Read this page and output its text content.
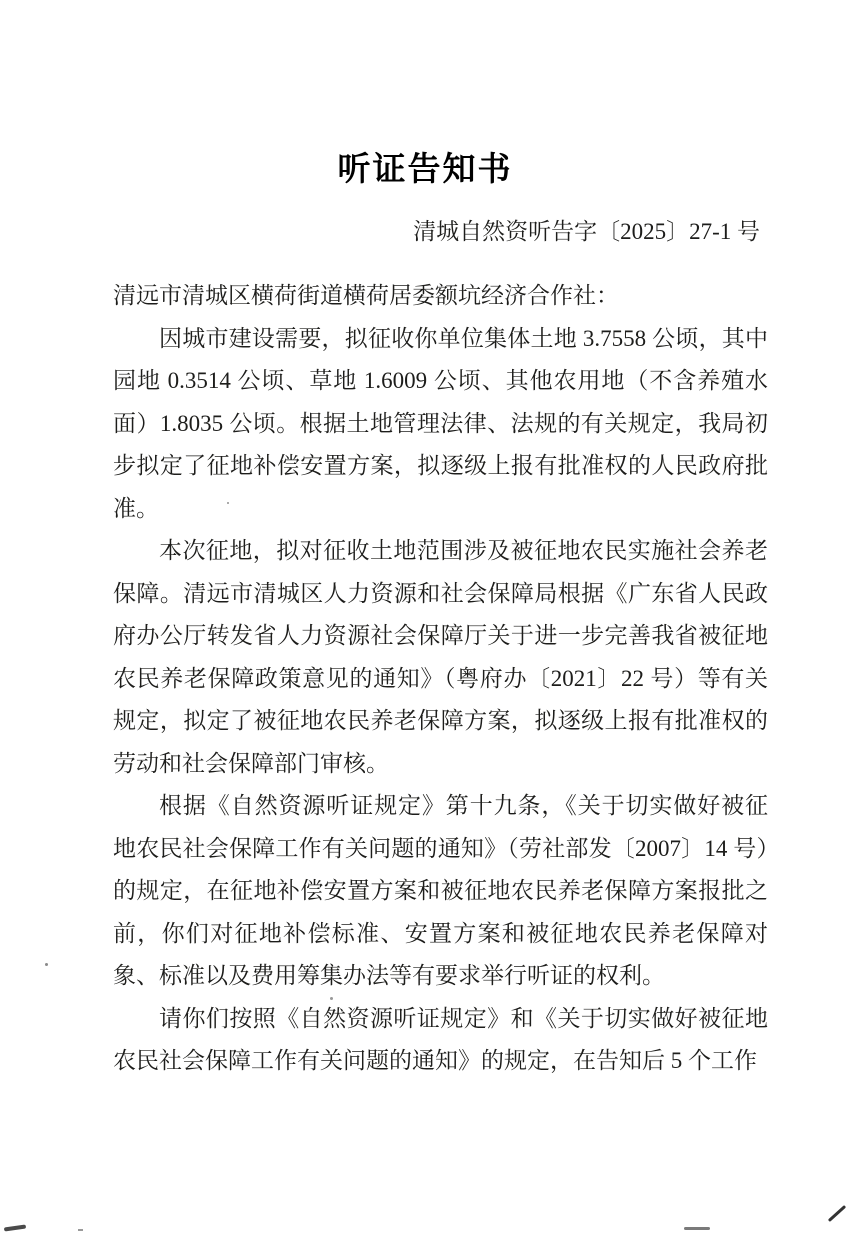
听证告知书
清城自然资听告字〔2025〕27-1 号

清远市清城区横荷街道横荷居委额坑经济合作社：

因城市建设需要，拟征收你单位集体土地 3.7558 公顷，其中园地 0.3514 公顷、草地 1.6009 公顷、其他农用地（不含养殖水面）1.8035 公顷。根据土地管理法律、法规的有关规定，我局初步拟定了征地补偿安置方案，拟逐级上报有批准权的人民政府批准。

本次征地，拟对征收土地范围涉及被征地农民实施社会养老保障。清远市清城区人力资源和社会保障局根据《广东省人民政府办公厅转发省人力资源社会保障厅关于进一步完善我省被征地农民养老保障政策意见的通知》（粤府办〔2021〕22 号）等有关规定，拟定了被征地农民养老保障方案，拟逐级上报有批准权的劳动和社会保障部门审核。

根据《自然资源听证规定》第十九条，《关于切实做好被征地农民社会保障工作有关问题的通知》（劳社部发〔2007〕14 号）的规定，在征地补偿安置方案和被征地农民养老保障方案报批之前，你们对征地补偿标准、安置方案和被征地农民养老保障对象、标准以及费用筹集办法等有要求举行听证的权利。

请你们按照《自然资源听证规定》和《关于切实做好被征地农民社会保障工作有关问题的通知》的规定，在告知后 5 个工作
